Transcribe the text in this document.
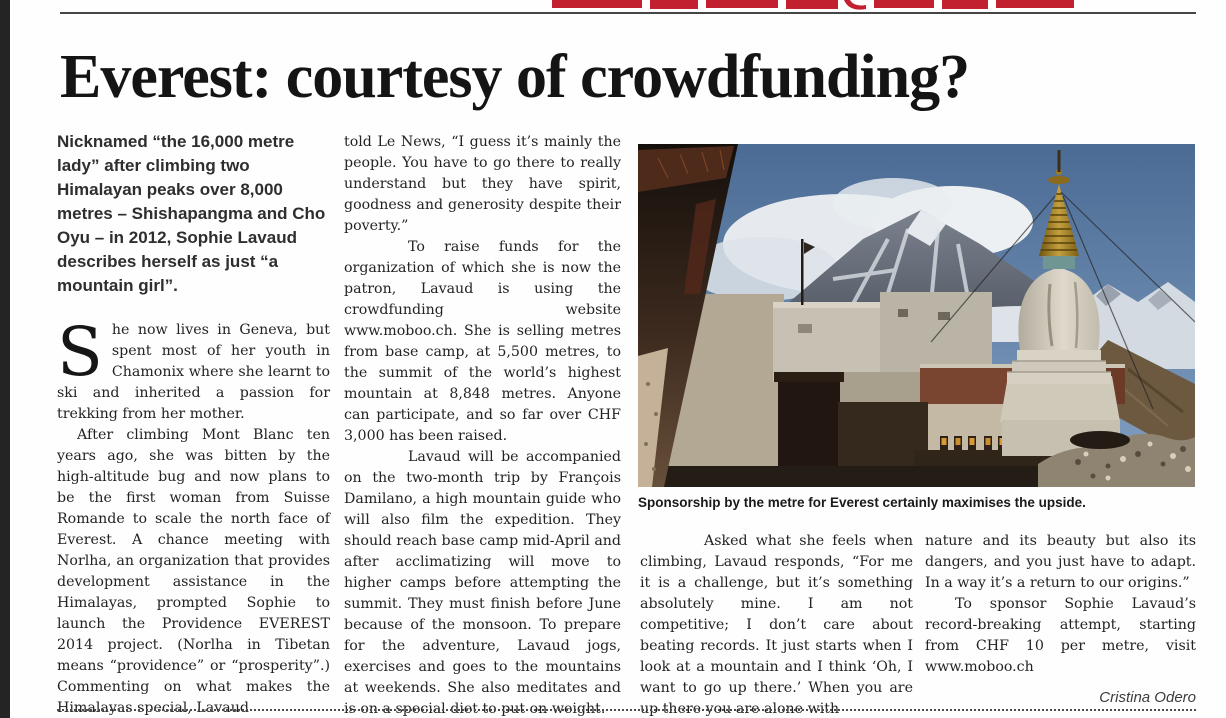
Everest: courtesy of crowdfunding?

Nicknamed “the 16,000 metre lady” after climbing two Himalayan peaks over 8,000 metres – Shishapangma and Cho Oyu – in 2012, Sophie Lavaud describes herself as just “a mountain girl”.

She now lives in Geneva, but spent most of her youth in Chamonix where she learnt to ski and inherited a passion for trekking from her mother.

After climbing Mont Blanc ten years ago, she was bitten by the high-altitude bug and now plans to be the first woman from Suisse Romande to scale the north face of Everest. A chance meeting with Norlha, an organization that provides development assistance in the Himalayas, prompted Sophie to launch the Providence EVEREST 2014 project. (Norlha in Tibetan means “providence” or “prosperity”.) Commenting on what makes the Himalayas special, Lavaud

told Le News, “I guess it’s mainly the people. You have to go there to really understand but they have spirit, goodness and generosity despite their poverty.”

To raise funds for the organization of which she is now the patron, Lavaud is using the crowdfunding website www.moboo.ch. She is selling metres from base camp, at 5,500 metres, to the summit of the world’s highest mountain at 8,848 metres. Anyone can participate, and so far over CHF 3,000 has been raised.

Lavaud will be accompanied on the two-month trip by François Damilano, a high mountain guide who will also film the expedition. They should reach base camp mid-April and after acclimatizing will move to higher camps before attempting the summit. They must finish before June because of the monsoon. To prepare for the adventure, Lavaud jogs, exercises and goes to the mountains at weekends. She also meditates and is on a special diet to put on weight.

Sponsorship by the metre for Everest certainly maximises the upside.

Asked what she feels when climbing, Lavaud responds, “For me it is a challenge, but it’s something absolutely mine. I am not competitive; I don’t care about beating records. It just starts when I look at a mountain and I think ‘Oh, I want to go up there.’ When you are up there you are alone with

nature and its beauty but also its dangers, and you just have to adapt. In a way it’s a return to our origins.”

To sponsor Sophie Lavaud’s record-breaking attempt, starting from CHF 10 per metre, visit www.moboo.ch

Cristina Odero
